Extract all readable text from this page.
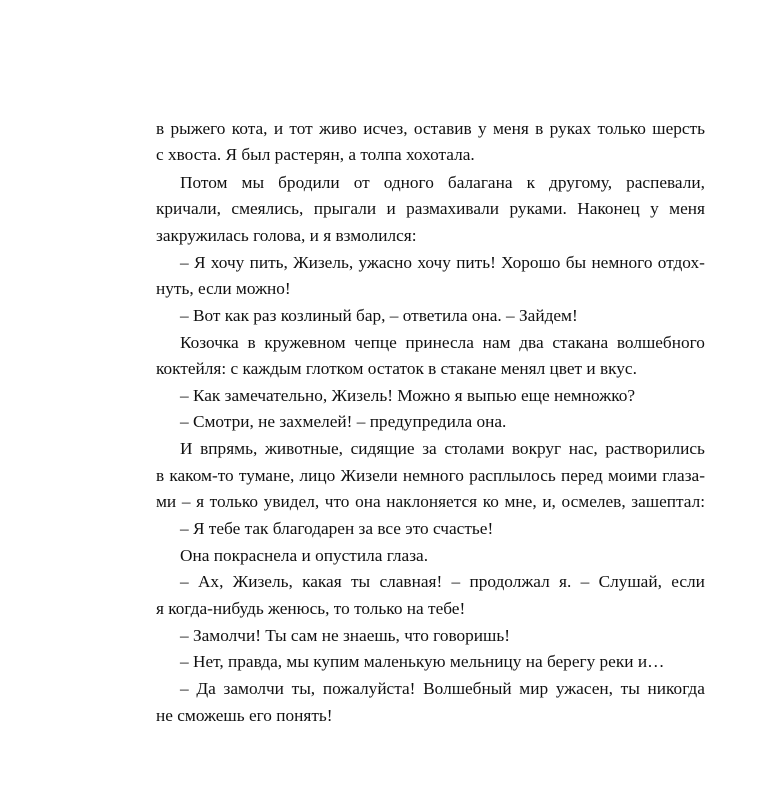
в рыжего кота, и тот живо исчез, оставив у меня в руках только шерсть
с хвоста. Я был растерян, а толпа хохотала.
Потом мы бродили от одного балагана к другому, распевали,
кричали, смеялись, прыгали и размахивали руками. Наконец у меня
закружилась голова, и я взмолился:
– Я хочу пить, Жизель, ужасно хочу пить! Хорошо бы немного отдох-
нуть, если можно!
– Вот как раз козлиный бар, – ответила она. – Зайдем!
Козочка в кружевном чепце принесла нам два стакана волшебного
коктейля: с каждым глотком остаток в стакане менял цвет и вкус.
– Как замечательно, Жизель! Можно я выпью еще немножко?
– Смотри, не захмелей! – предупредила она.
И впрямь, животные, сидящие за столами вокруг нас, растворились
в каком-то тумане, лицо Жизели немного расплылось перед моими глаза-
ми – я только увидел, что она наклоняется ко мне, и, осмелев, зашептал:
– Я тебе так благодарен за все это счастье!
Она покраснела и опустила глаза.
– Ах, Жизель, какая ты славная! – продолжал я. – Слушай, если
я когда-нибудь женюсь, то только на тебе!
– Замолчи! Ты сам не знаешь, что говоришь!
– Нет, правда, мы купим маленькую мельницу на берегу реки и…
– Да замолчи ты, пожалуйста! Волшебный мир ужасен, ты никогда
не сможешь его понять!
